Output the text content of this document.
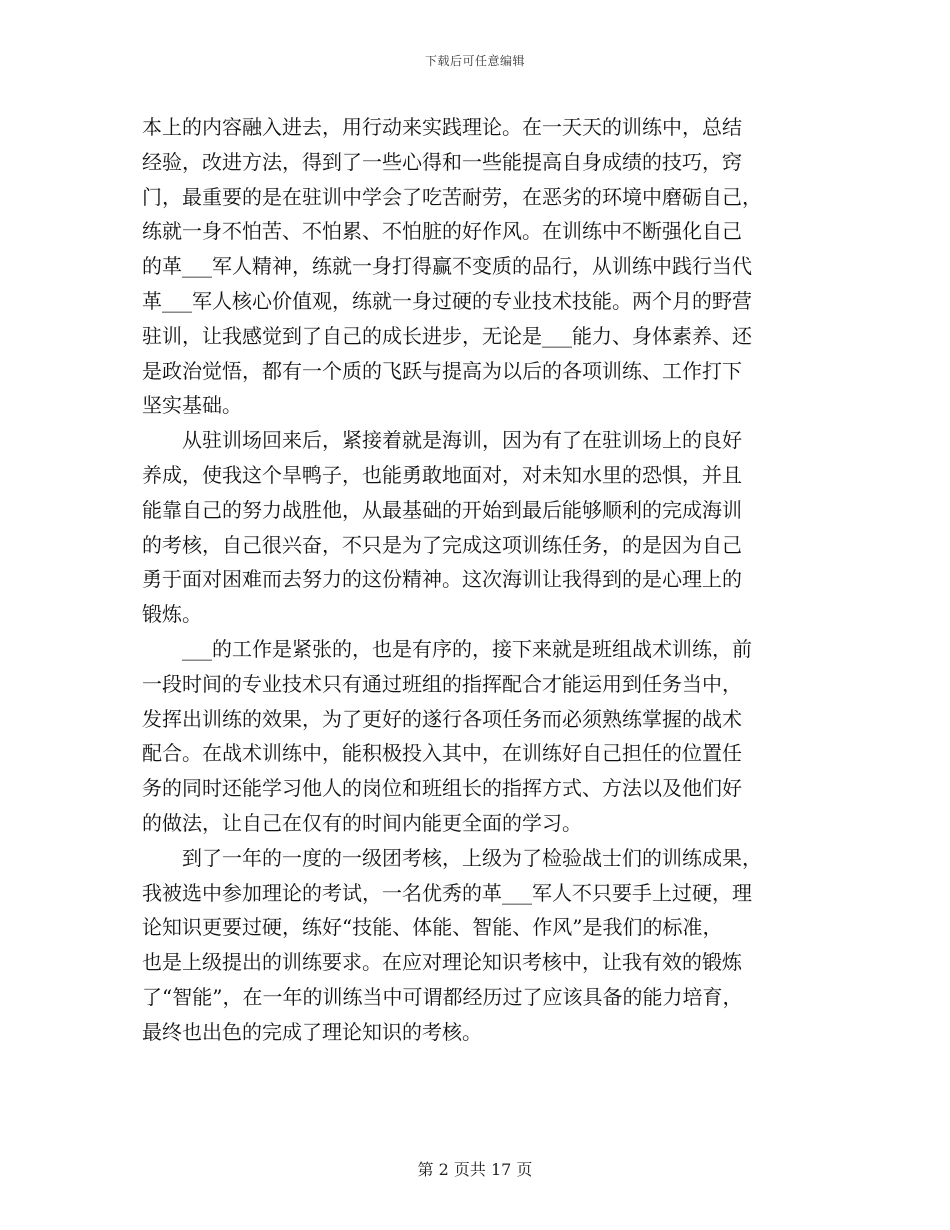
下载后可任意编辑

本上的内容融入进去，用行动来实践理论。在一天天的训练中，总结
经验，改进方法，得到了一些心得和一些能提高自身成绩的技巧，窍
门，最重要的是在驻训中学会了吃苦耐劳，在恶劣的环境中磨砺自己，
练就一身不怕苦、不怕累、不怕脏的好作风。在训练中不断强化自己
的革___军人精神，练就一身打得赢不变质的品行，从训练中践行当代
革___军人核心价值观，练就一身过硬的专业技术技能。两个月的野营
驻训，让我感觉到了自己的成长进步，无论是___能力、身体素养、还
是政治觉悟，都有一个质的飞跃与提高为以后的各项训练、工作打下
坚实基础。

从驻训场回来后，紧接着就是海训，因为有了在驻训场上的良好
养成，使我这个旱鸭子，也能勇敢地面对，对未知水里的恐惧，并且
能靠自己的努力战胜他，从最基础的开始到最后能够顺利的完成海训
的考核，自己很兴奋，不只是为了完成这项训练任务，的是因为自己
勇于面对困难而去努力的这份精神。这次海训让我得到的是心理上的
锻炼。

___的工作是紧张的，也是有序的，接下来就是班组战术训练，前
一段时间的专业技术只有通过班组的指挥配合才能运用到任务当中，
发挥出训练的效果，为了更好的遂行各项任务而必须熟练掌握的战术
配合。在战术训练中，能积极投入其中，在训练好自己担任的位置任
务的同时还能学习他人的岗位和班组长的指挥方式、方法以及他们好
的做法，让自己在仅有的时间内能更全面的学习。

到了一年的一度的一级团考核，上级为了检验战士们的训练成果，
我被选中参加理论的考试，一名优秀的革___军人不只要手上过硬，理
论知识更要过硬，练好“技能、体能、智能、作风”是我们的标准，
也是上级提出的训练要求。在应对理论知识考核中，让我有效的锻炼
了“智能”，在一年的训练当中可谓都经历过了应该具备的能力培育，
最终也出色的完成了理论知识的考核。

第 2 页共 17 页
